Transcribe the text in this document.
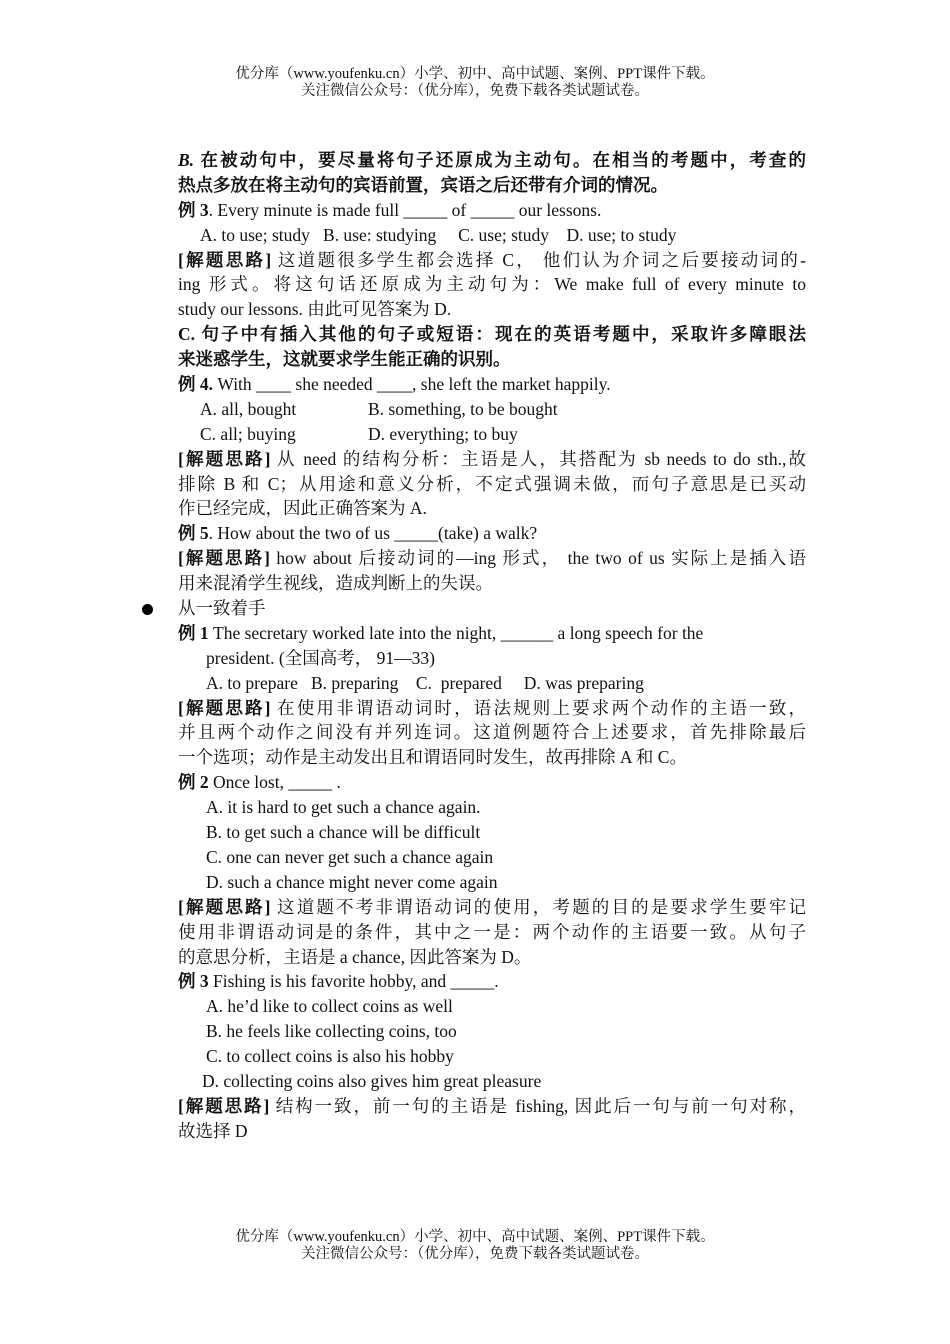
优分库（www.youfenku.cn）小学、初中、高中试题、案例、PPT课件下载。
关注微信公众号：（优分库），免费下载各类试题试卷。
B. 在被动句中，要尽量将句子还原成为主动句。在相当的考题中，考查的
热点多放在将主动句的宾语前置，宾语之后还带有介词的情况。
例 3. Every minute is made full _____ of _____ our lessons.
A. to use; study   B. use: studying     C. use; study    D. use; to study
[解题思路] 这道题很多学生都会选择 C， 他们认为介词之后要接动词的-
ing 形式。将这句话还原成为主动句为：We make full of every minute to
study our lessons. 由此可见答案为 D.
C. 句子中有插入其他的句子或短语：现在的英语考题中，采取许多障眼法
来迷惑学生，这就要求学生能正确的识别。
例 4. With ____ she needed ____, she left the market happily.
A. all, bought	B. something, to be bought
C. all; buying	D. everything; to buy
[解题思路] 从 need 的结构分析：主语是人，其搭配为 sb needs to do sth.,故
排除 B 和 C；从用途和意义分析，不定式强调未做，而句子意思是已买动
作已经完成，因此正确答案为 A.
例 5. How about the two of us _____(take) a walk?
[解题思路] how about 后接动词的—ing 形式， the two of us 实际上是插入语
用来混淆学生视线，造成判断上的失误。
从一致着手
例 1 The secretary worked late into the night, ______ a long speech for the
president. (全国高考， 91—33)
A. to prepare   B. preparing    C.  prepared     D. was preparing
[解题思路] 在使用非谓语动词时，语法规则上要求两个动作的主语一致，
并且两个动作之间没有并列连词。这道例题符合上述要求，首先排除最后
一个选项；动作是主动发出且和谓语同时发生，故再排除 A 和 C。
例 2 Once lost, _____ .
A. it is hard to get such a chance again.
B. to get such a chance will be difficult
C. one can never get such a chance again
D. such a chance might never come again
[解题思路] 这道题不考非谓语动词的使用，考题的目的是要求学生要牢记
使用非谓语动词是的条件，其中之一是：两个动作的主语要一致。从句子
的意思分析，主语是 a chance, 因此答案为 D。
例 3 Fishing is his favorite hobby, and _____.
A. he’d like to collect coins as well
B. he feels like collecting coins, too
C. to collect coins is also his hobby
D. collecting coins also gives him great pleasure
[解题思路] 结构一致，前一句的主语是 fishing, 因此后一句与前一句对称，
故选择 D
优分库（www.youfenku.cn）小学、初中、高中试题、案例、PPT课件下载。
关注微信公众号：（优分库），免费下载各类试题试卷。
